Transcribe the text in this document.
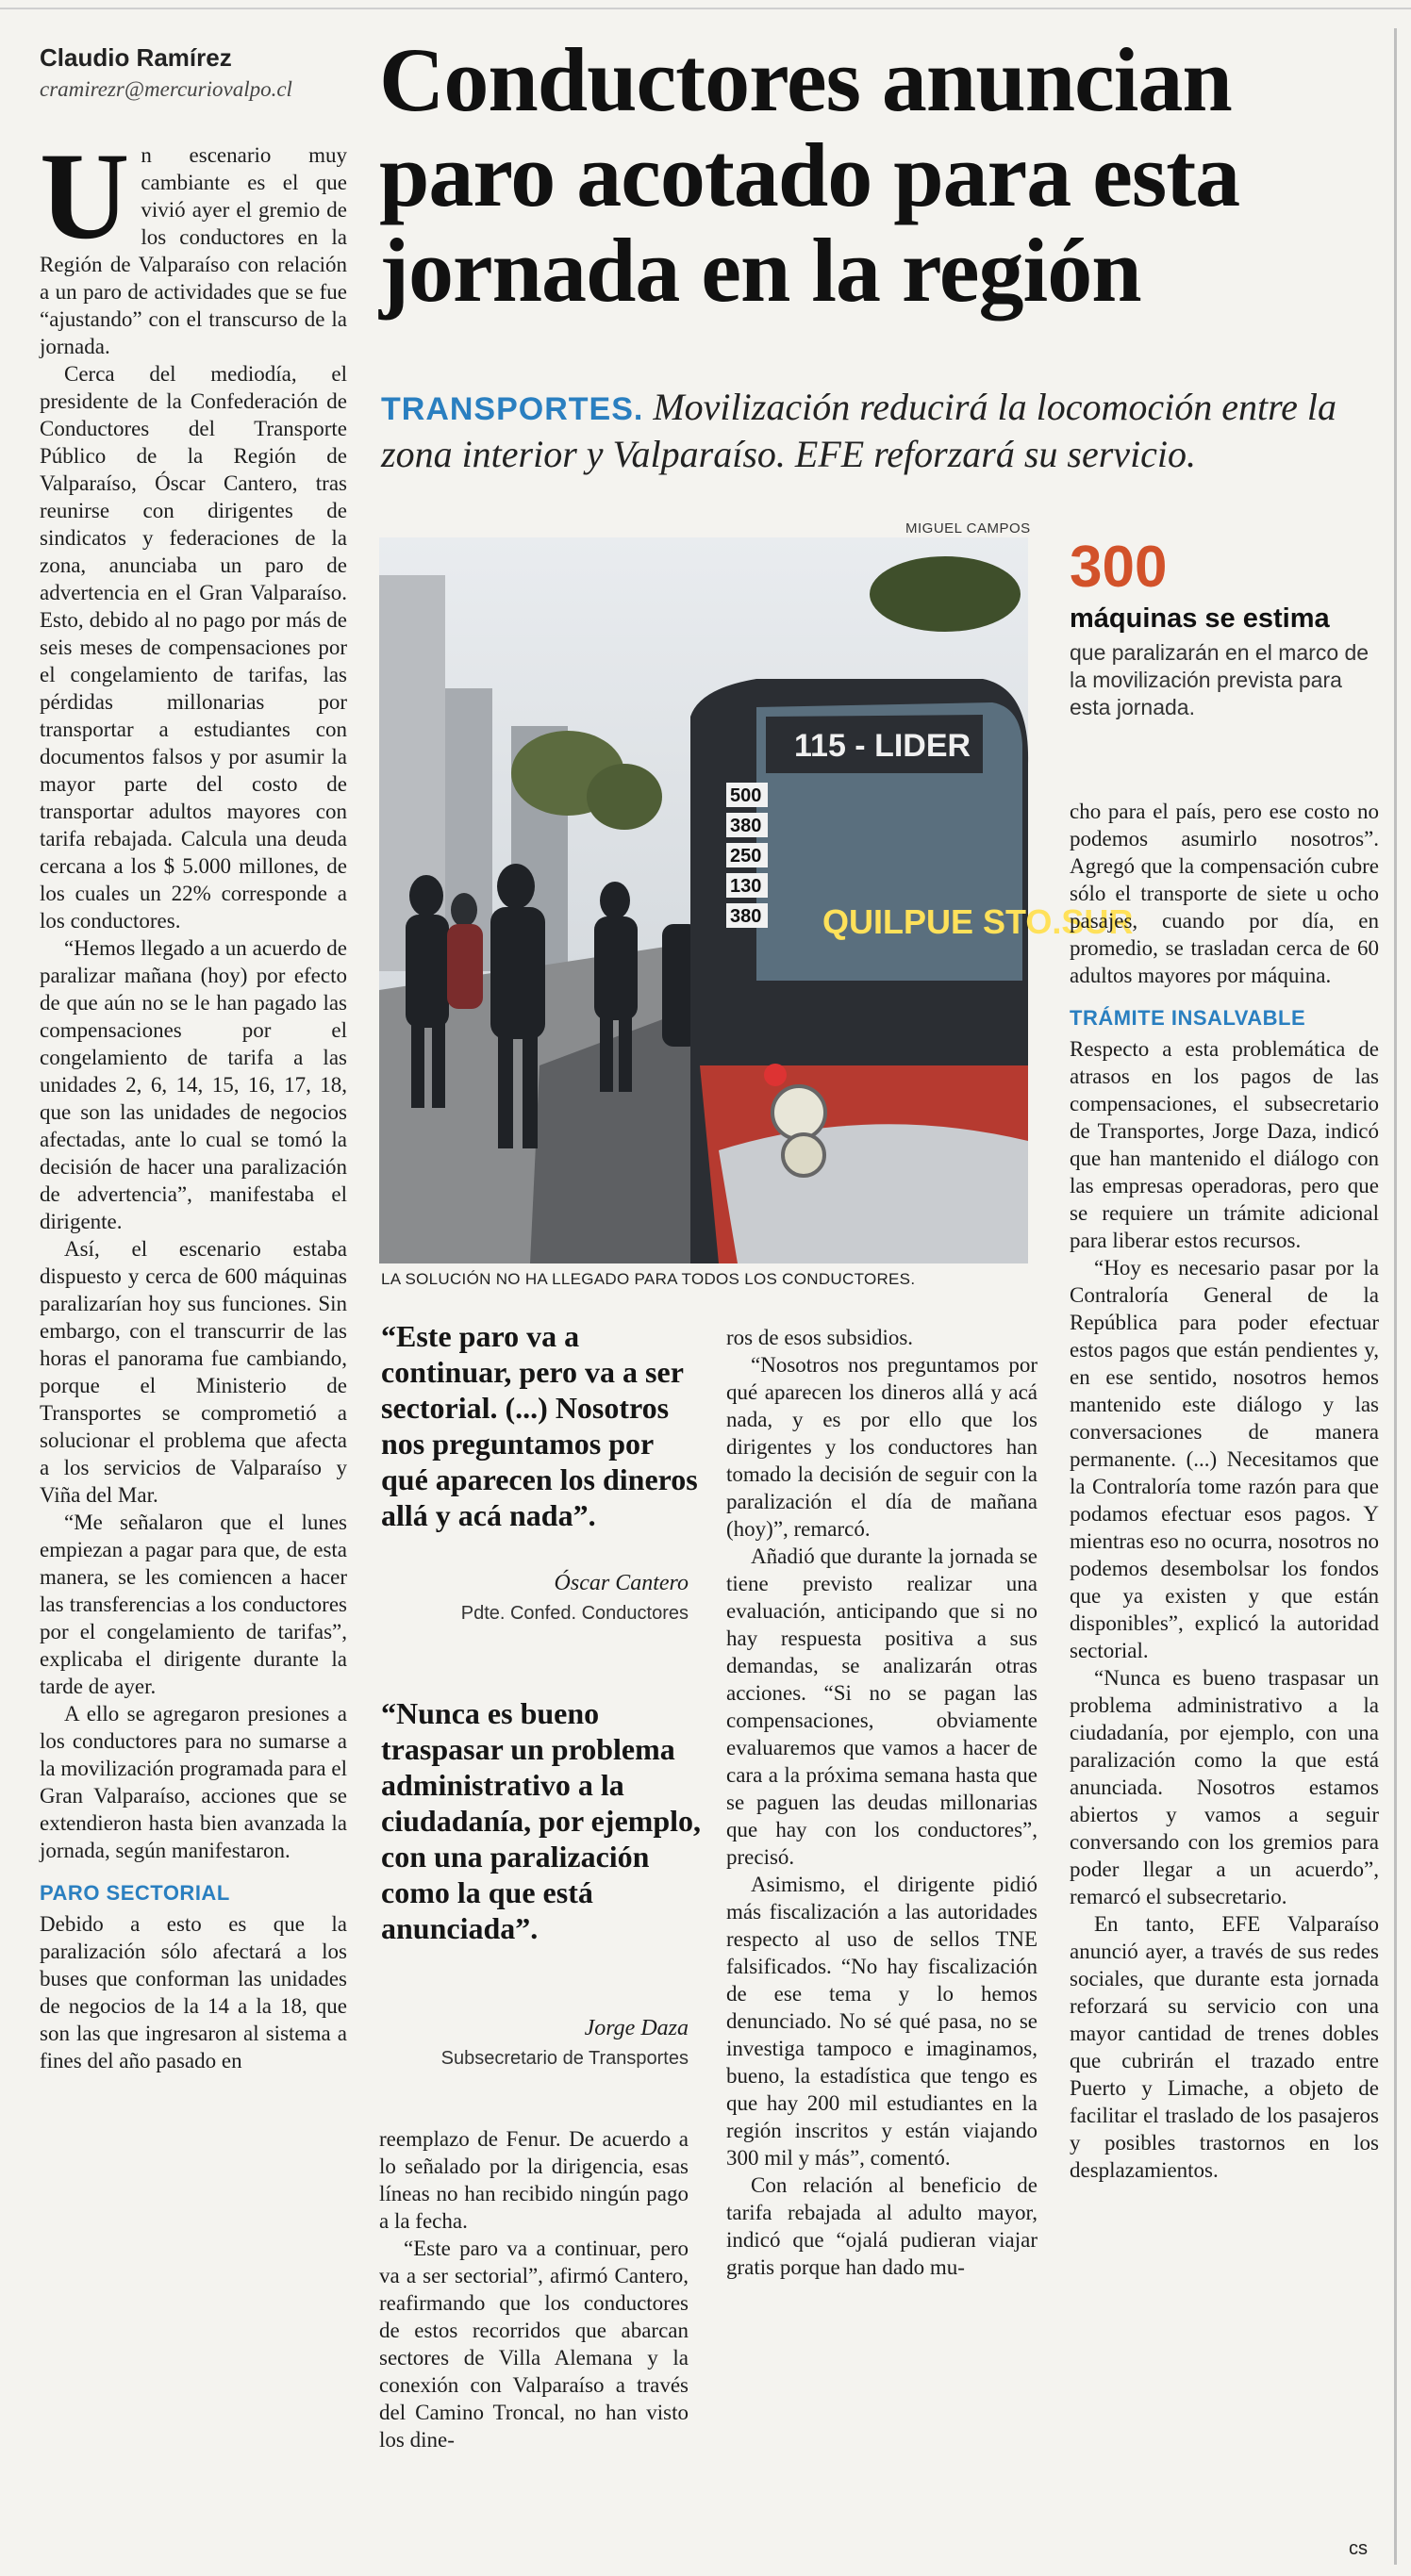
Claudio Ramírez
cramirezr@mercuriovalpo.cl Conductores anuncian paro acotado para esta jornada en la región
TRANSPORTES. Movilización reducirá la locomoción entre la zona interior y Valparaíso. EFE reforzará su servicio.

Un escenario muy cambiante es el que vivió ayer el gremio de los conductores en la Región de Valparaíso con relación a un paro de actividades que se fue “ajustando” con el transcurso de la jornada.

Cerca del mediodía, el presidente de la Confederación de Conductores del Transporte Público de la Región de Valparaíso, Óscar Cantero, tras reunirse con dirigentes de sindicatos y federaciones de la zona, anunciaba un paro de advertencia en el Gran Valparaíso. Esto, debido al no pago por más de seis meses de compensaciones por el congelamiento de tarifas, las pérdidas millonarias por transportar a estudiantes con documentos falsos y por asumir la mayor parte del costo de transportar adultos mayores con tarifa rebajada. Calcula una deuda cercana a los $ 5.000 millones, de los cuales un 22% corresponde a los conductores.

“Hemos llegado a un acuerdo de paralizar mañana (hoy) por efecto de que aún no se le han pagado las compensaciones por el congelamiento de tarifa a las unidades 2, 6, 14, 15, 16, 17, 18, que son las unidades de negocios afectadas, ante lo cual se tomó la decisión de hacer una paralización de advertencia”, manifestaba el dirigente.

Así, el escenario estaba dispuesto y cerca de 600 máquinas paralizarían hoy sus funciones. Sin embargo, con el transcurrir de las horas el panorama fue cambiando, porque el Ministerio de Transportes se comprometió a solucionar el problema que afecta a los servicios de Valparaíso y Viña del Mar.

“Me señalaron que el lunes empiezan a pagar para que, de esta manera, se les comiencen a hacer las transferencias a los conductores por el congelamiento de tarifas”, explicaba el dirigente durante la tarde de ayer.

A ello se agregaron presiones a los conductores para no sumarse a la movilización programada para el Gran Valparaíso, acciones que se extendieron hasta bien avanzada la jornada, según manifestaron.

PARO SECTORIAL

Debido a esto es que la paralización sólo afectará a los buses que conforman las unidades de negocios de la 14 a la 18, que son las que ingresaron al sistema a fines del año pasado en

MIGUEL CAMPOS
115 - LIDER
QUILPUE STO.SUR
500
380
250
130
380
LA SOLUCIÓN NO HA LLEGADO PARA TODOS LOS CONDUCTORES.
300
máquinas se estima
que paralizarán en el marco de la movilización prevista para esta jornada.
“Este paro va a continuar, pero va a ser sectorial. (...) Nosotros nos preguntamos por qué aparecen los dineros allá y acá nada”.
Óscar Cantero
Pdte. Confed. Conductores
“Nunca es bueno traspasar un problema administrativo a la ciudadanía, por ejemplo, con una paralización como la que está anunciada”.
Jorge Daza
Subsecretario de Transportes

reemplazo de Fenur. De acuerdo a lo señalado por la dirigencia, esas líneas no han recibido ningún pago a la fecha.

“Este paro va a continuar, pero va a ser sectorial”, afirmó Cantero, reafirmando que los conductores de estos recorridos que abarcan sectores de Villa Alemana y la conexión con Valparaíso a través del Camino Troncal, no han visto los dine-

ros de esos subsidios.

“Nosotros nos preguntamos por qué aparecen los dineros allá y acá nada, y es por ello que los dirigentes y los conductores han tomado la decisión de seguir con la paralización el día de mañana (hoy)”, remarcó.

Añadió que durante la jornada se tiene previsto realizar una evaluación, anticipando que si no hay respuesta positiva a sus demandas, se analizarán otras acciones. “Si no se pagan las compensaciones, obviamente evaluaremos que vamos a hacer de cara a la próxima semana hasta que se paguen las deudas millonarias que hay con los conductores”, precisó.

Asimismo, el dirigente pidió más fiscalización a las autoridades respecto al uso de sellos TNE falsificados. “No hay fiscalización de ese tema y lo hemos denunciado. No sé qué pasa, no se investiga tampoco e imaginamos, bueno, la estadística que tengo es que hay 200 mil estudiantes en la región inscritos y están viajando 300 mil y más”, comentó.

Con relación al beneficio de tarifa rebajada al adulto mayor, indicó que “ojalá pudieran viajar gratis porque han dado mu-

cho para el país, pero ese costo no podemos asumirlo nosotros”. Agregó que la compensación cubre sólo el transporte de siete u ocho pasajes, cuando por día, en promedio, se trasladan cerca de 60 adultos mayores por máquina.

TRÁMITE INSALVABLE

Respecto a esta problemática de atrasos en los pagos de las compensaciones, el subsecretario de Transportes, Jorge Daza, indicó que han mantenido el diálogo con las empresas operadoras, pero que se requiere un trámite adicional para liberar estos recursos.

“Hoy es necesario pasar por la Contraloría General de la República para poder efectuar estos pagos que están pendientes y, en ese sentido, nosotros hemos mantenido este diálogo y las conversaciones de manera permanente. (...) Necesitamos que la Contraloría tome razón para que podamos efectuar esos pagos. Y mientras eso no ocurra, nosotros no podemos desembolsar los fondos que ya existen y que están disponibles”, explicó la autoridad sectorial.

“Nunca es bueno traspasar un problema administrativo a la ciudadanía, por ejemplo, con una paralización como la que está anunciada. Nosotros estamos abiertos y vamos a seguir conversando con los gremios para poder llegar a un acuerdo”, remarcó el subsecretario.

En tanto, EFE Valparaíso anunció ayer, a través de sus redes sociales, que durante esta jornada reforzará su servicio con una mayor cantidad de trenes dobles que cubrirán el trazado entre Puerto y Limache, a objeto de facilitar el traslado de los pasajeros y posibles trastornos en los desplazamientos.

cs
